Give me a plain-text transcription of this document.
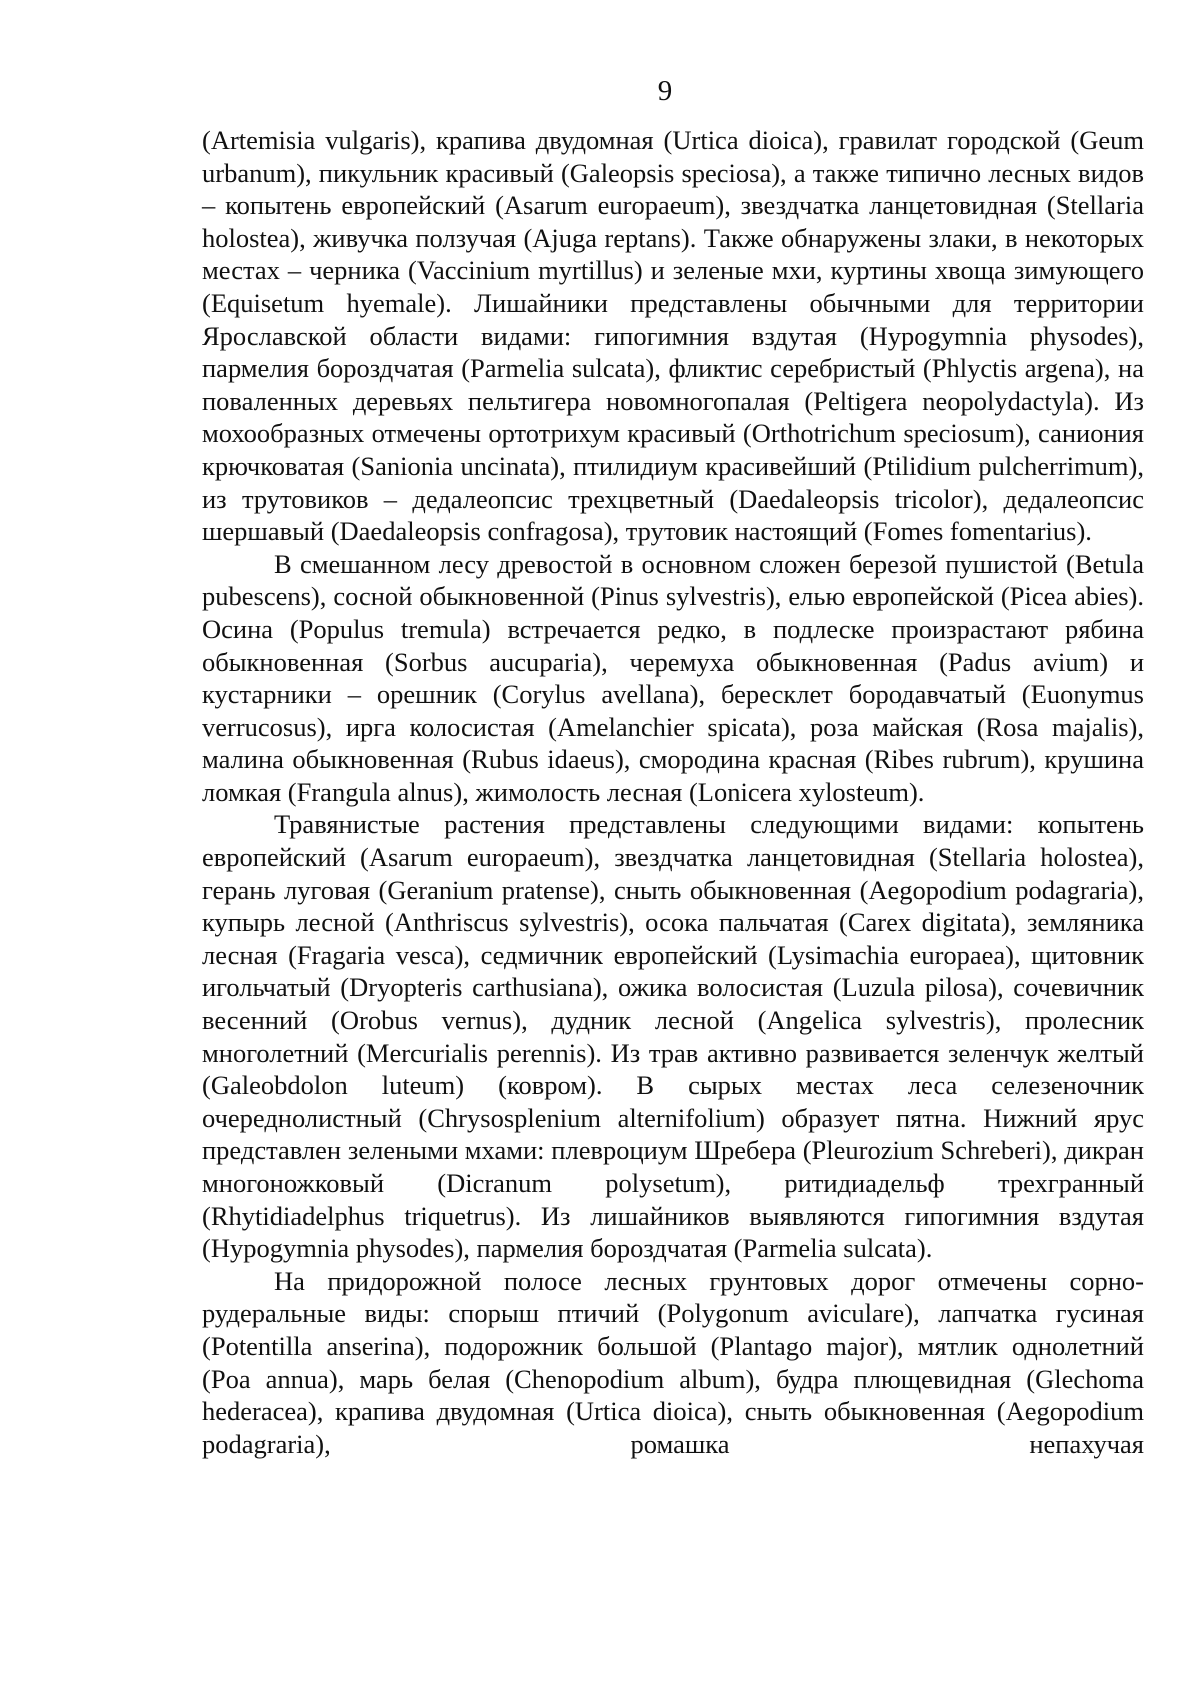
9

(Artemisia vulgaris), крапива двудомная (Urtica dioica), гравилат городской (Geum urbanum), пикульник красивый (Galeopsis speciosa), а также типично лесных видов – копытень европейский (Asarum europaeum), звездчатка ланцетовидная (Stellaria holostea), живучка ползучая (Ajuga reptans). Также обнаружены злаки, в некоторых местах – черника (Vaccinium myrtillus) и зеленые мхи, куртины хвоща зимующего (Equisetum hyemale). Лишайники представлены обычными для территории Ярославской области видами: гипогимния вздутая (Hypogymnia physodes), пармелия бороздчатая (Parmelia sulcata), фликтис серебристый (Phlyctis argena), на поваленных деревьях пельтигера новомногопалая (Peltigera neopolydactyla). Из мохообразных отмечены ортотрихум красивый (Orthotrichum speciosum), саниония крючковатая (Sanionia uncinata), птилидиум красивейший (Ptilidium pulcherrimum), из трутовиков – дедалеопсис трехцветный (Daedaleopsis tricolor), дедалеопсис шершавый (Daedaleopsis confragosa), трутовик настоящий (Fomes fomentarius).

В смешанном лесу древостой в основном сложен березой пушистой (Betula pubescens), сосной обыкновенной (Pinus sylvestris), елью европейской (Picea abies). Осина (Populus tremula) встречается редко, в подлеске произрастают рябина обыкновенная (Sorbus aucuparia), черемуха обыкновенная (Padus avium) и кустарники – орешник (Corylus avellana), бересклет бородавчатый (Euonymus verrucosus), ирга колосистая (Amelanchier spicata), роза майская (Rosa majalis), малина обыкновенная (Rubus idaeus), смородина красная (Ribes rubrum), крушина ломкая (Frangula alnus), жимолость лесная (Lonicera xylosteum).

Травянистые растения представлены следующими видами: копытень европейский (Asarum europaeum), звездчатка ланцетовидная (Stellaria holostea), герань луговая (Geranium pratense), сныть обыкновенная (Aegopodium podagraria), купырь лесной (Anthriscus sylvestris), осока пальчатая (Carex digitata), земляника лесная (Fragaria vesca), седмичник европейский (Lysimachia europaea), щитовник игольчатый (Dryopteris carthusiana), ожика волосистая (Luzula pilosa), сочевичник весенний (Orobus vernus), дудник лесной (Angelica sylvestris), пролесник многолетний (Mercurialis perennis). Из трав активно развивается зеленчук желтый (Galeobdolon luteum) (ковром). В сырых местах леса селезеночник очереднолистный (Chrysosplenium alternifolium) образует пятна. Нижний ярус представлен зелеными мхами: плевроциум Шребера (Pleurozium Schreberi), дикран многоножковый (Dicranum polysetum), ритидиадельф трехгранный (Rhytidiadelphus triquetrus). Из лишайников выявляются гипогимния вздутая (Hypogymnia physodes), пармелия бороздчатая (Parmelia sulcata).

На придорожной полосе лесных грунтовых дорог отмечены сорно-рудеральные виды: спорыш птичий (Polygonum aviculare), лапчатка гусиная (Potentilla anserina), подорожник большой (Plantago major), мятлик однолетний (Poa annua), марь белая (Chenopodium album), будра плющевидная (Glechoma hederacea), крапива двудомная (Urtica dioica), сныть обыкновенная (Aegopodium podagraria), ромашка непахучая
